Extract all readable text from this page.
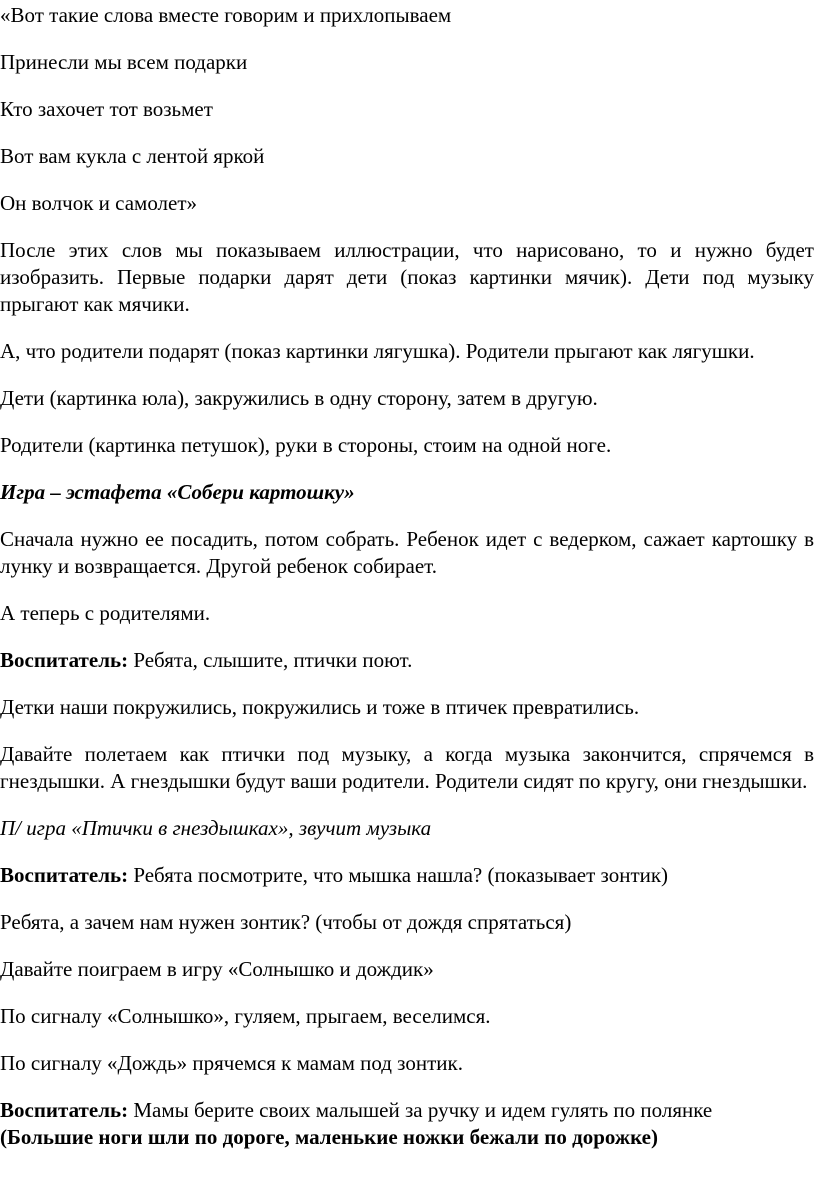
«Вот такие слова вместе говорим и прихлопываем

Принесли мы всем подарки

Кто захочет тот возьмет

Вот вам кукла с лентой яркой

Он волчок и самолет»

После этих слов мы показываем иллюстрации, что нарисовано, то и нужно будет изобразить. Первые подарки дарят дети (показ картинки мячик). Дети под музыку прыгают как мячики.

А, что родители подарят (показ картинки лягушка). Родители прыгают как лягушки.

Дети (картинка юла), закружились в одну сторону, затем в другую.

Родители (картинка петушок), руки в стороны, стоим на одной ноге.

Игра – эстафета «Собери картошку»

Сначала нужно ее посадить, потом собрать. Ребенок идет с ведерком, сажает картошку в лунку и возвращается. Другой ребенок собирает.

А теперь с родителями.

Воспитатель: Ребята, слышите, птички поют.

Детки наши покружились, покружились и тоже в птичек превратились.

Давайте полетаем как птички под музыку, а когда музыка закончится, спрячемся в гнездышки. А гнездышки будут ваши родители. Родители сидят по кругу, они гнездышки.

П/ игра «Птички в гнездышках», звучит музыка

Воспитатель: Ребята посмотрите, что мышка нашла? (показывает зонтик)

Ребята, а зачем нам нужен зонтик? (чтобы от дождя спрятаться)

Давайте поиграем в игру «Солнышко и дождик»

По сигналу «Солнышко», гуляем, прыгаем, веселимся.

По сигналу «Дождь» прячемся к мамам под зонтик.

Воспитатель: Мамы берите своих малышей за ручку и идем гулять по полянке

(Большие ноги шли по дороге, маленькие ножки бежали по дорожке)
